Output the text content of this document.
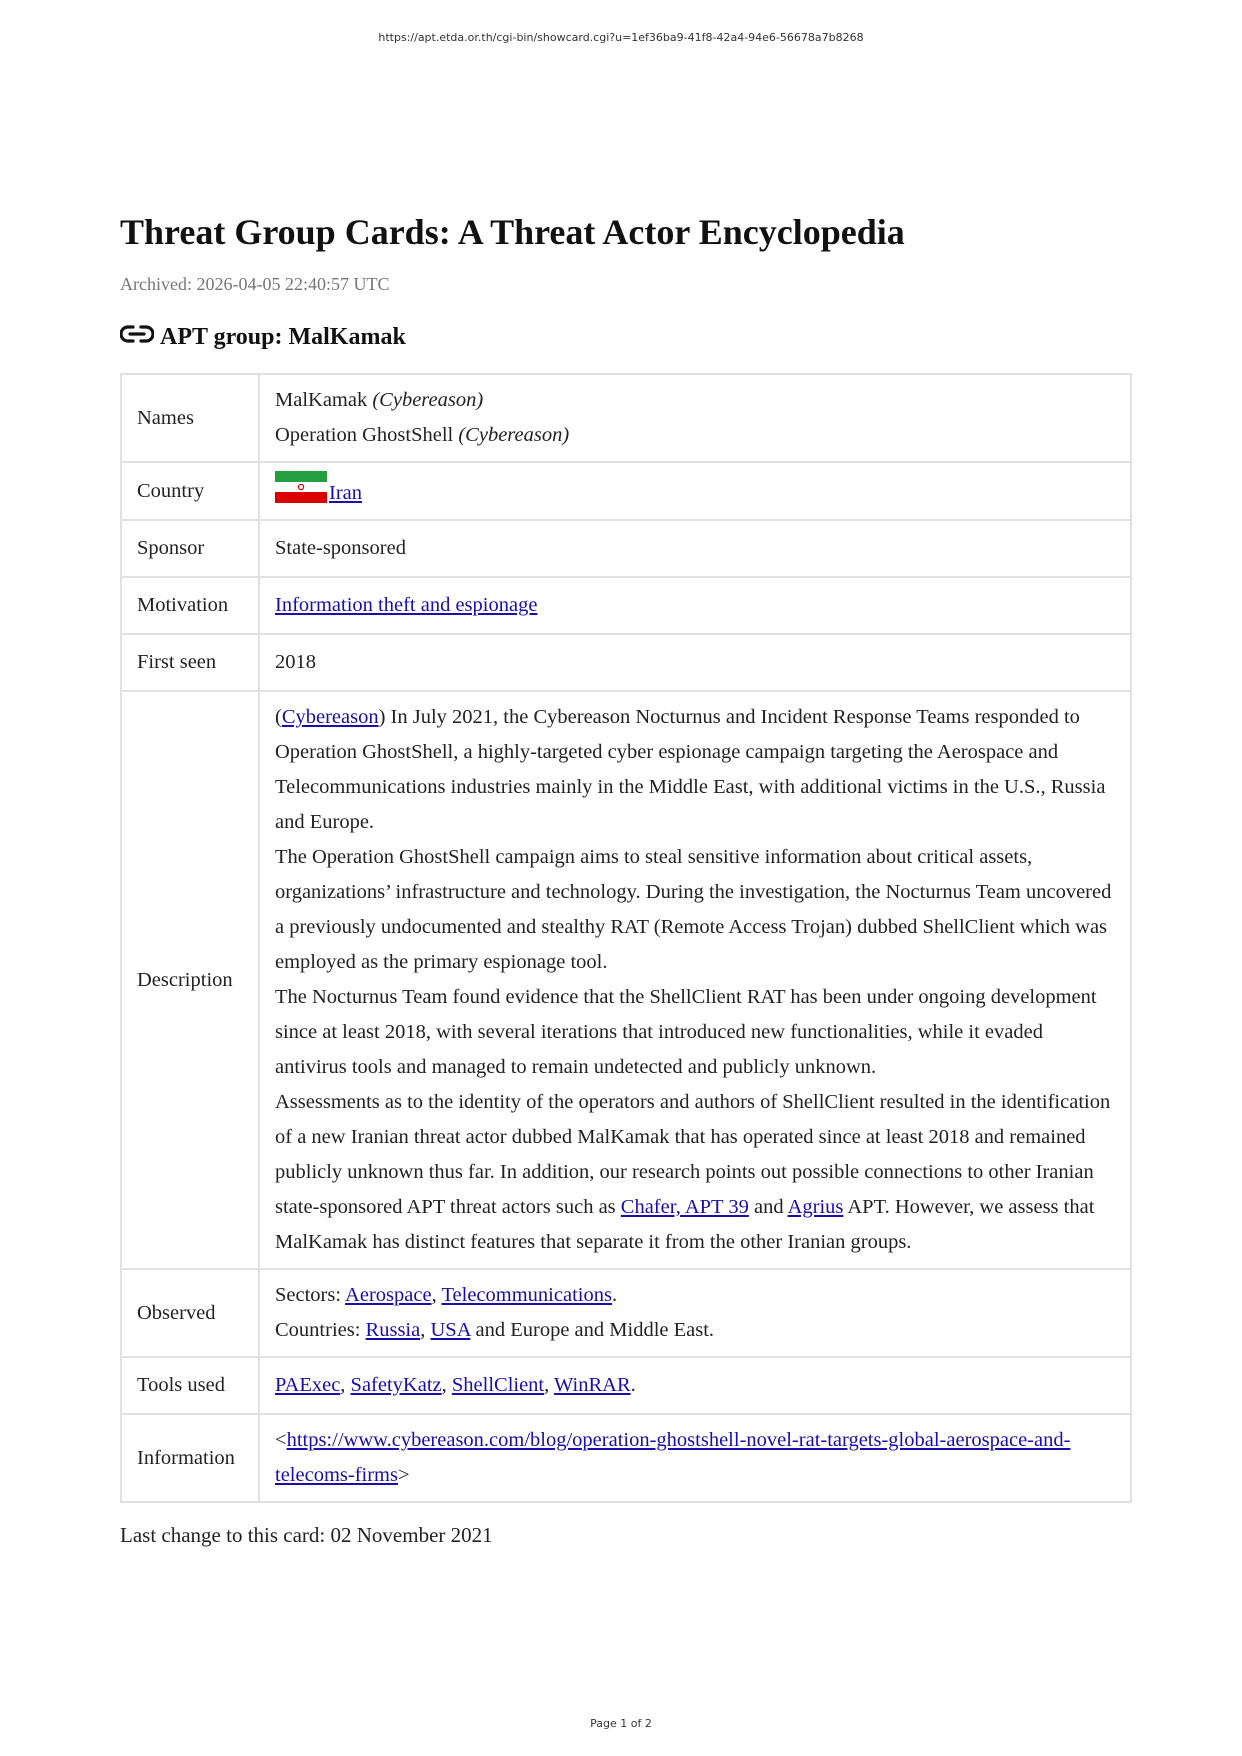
https://apt.etda.or.th/cgi-bin/showcard.cgi?u=1ef36ba9-41f8-42a4-94e6-56678a7b8268
Threat Group Cards: A Threat Actor Encyclopedia
Archived: 2026-04-05 22:40:57 UTC
APT group: MalKamak
Names	MalKamak (Cybereason)
Operation GhostShell (Cybereason)

Country	Iran
Sponsor	State-sponsored
Motivation	Information theft and espionage
First seen	2018
Description	(Cybereason) In July 2021, the Cybereason Nocturnus and Incident Response Teams responded to Operation GhostShell, a highly-targeted cyber espionage campaign targeting the Aerospace and Telecommunications industries mainly in the Middle East, with additional victims in the U.S., Russia and Europe.
The Operation GhostShell campaign aims to steal sensitive information about critical assets, organizations’ infrastructure and technology. During the investigation, the Nocturnus Team uncovered a previously undocumented and stealthy RAT (Remote Access Trojan) dubbed ShellClient which was employed as the primary espionage tool.
The Nocturnus Team found evidence that the ShellClient RAT has been under ongoing development since at least 2018, with several iterations that introduced new functionalities, while it evaded antivirus tools and managed to remain undetected and publicly unknown.
Assessments as to the identity of the operators and authors of ShellClient resulted in the identification of a new Iranian threat actor dubbed MalKamak that has operated since at least 2018 and remained publicly unknown thus far. In addition, our research points out possible connections to other Iranian state-sponsored APT threat actors such as Chafer, APT 39 and Agrius APT. However, we assess that MalKamak has distinct features that separate it from the other Iranian groups.

Observed	Sectors: Aerospace, Telecommunications.
Countries: Russia, USA and Europe and Middle East.

Tools used	PAExec, SafetyKatz, ShellClient, WinRAR.
Information	<https://www.cybereason.com/blog/operation-ghostshell-novel-rat-targets-global-aerospace-and-telecoms-firms>
Last change to this card: 02 November 2021
Page 1 of 2
